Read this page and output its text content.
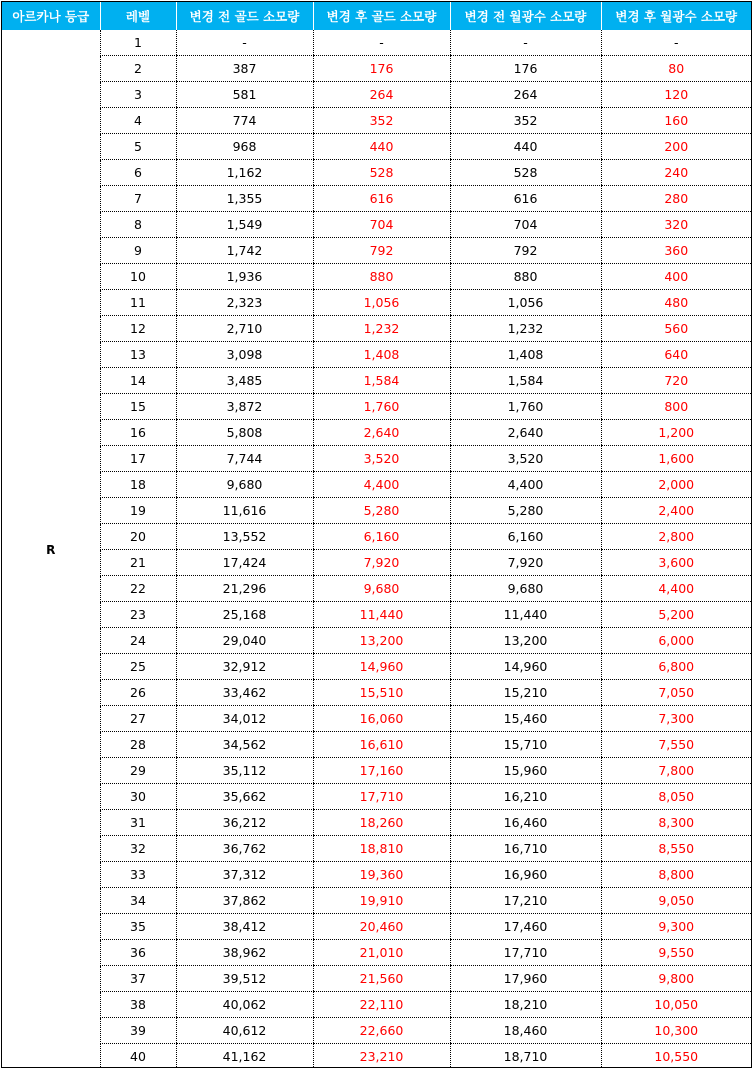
아르카나 등급	레벨	변경 전 골드 소모량	변경 후 골드 소모량	변경 전 월광수 소모량	변경 후 월광수 소모량
R	1	-	-	-	-
	2	387	176	176	80
	3	581	264	264	120
	4	774	352	352	160
	5	968	440	440	200
	6	1,162	528	528	240
	7	1,355	616	616	280
	8	1,549	704	704	320
	9	1,742	792	792	360
	10	1,936	880	880	400
	11	2,323	1,056	1,056	480
	12	2,710	1,232	1,232	560
	13	3,098	1,408	1,408	640
	14	3,485	1,584	1,584	720
	15	3,872	1,760	1,760	800
	16	5,808	2,640	2,640	1,200
	17	7,744	3,520	3,520	1,600
	18	9,680	4,400	4,400	2,000
	19	11,616	5,280	5,280	2,400
	20	13,552	6,160	6,160	2,800
	21	17,424	7,920	7,920	3,600
	22	21,296	9,680	9,680	4,400
	23	25,168	11,440	11,440	5,200
	24	29,040	13,200	13,200	6,000
	25	32,912	14,960	14,960	6,800
	26	33,462	15,510	15,210	7,050
	27	34,012	16,060	15,460	7,300
	28	34,562	16,610	15,710	7,550
	29	35,112	17,160	15,960	7,800
	30	35,662	17,710	16,210	8,050
	31	36,212	18,260	16,460	8,300
	32	36,762	18,810	16,710	8,550
	33	37,312	19,360	16,960	8,800
	34	37,862	19,910	17,210	9,050
	35	38,412	20,460	17,460	9,300
	36	38,962	21,010	17,710	9,550
	37	39,512	21,560	17,960	9,800
	38	40,062	22,110	18,210	10,050
	39	40,612	22,660	18,460	10,300
	40	41,162	23,210	18,710	10,550
